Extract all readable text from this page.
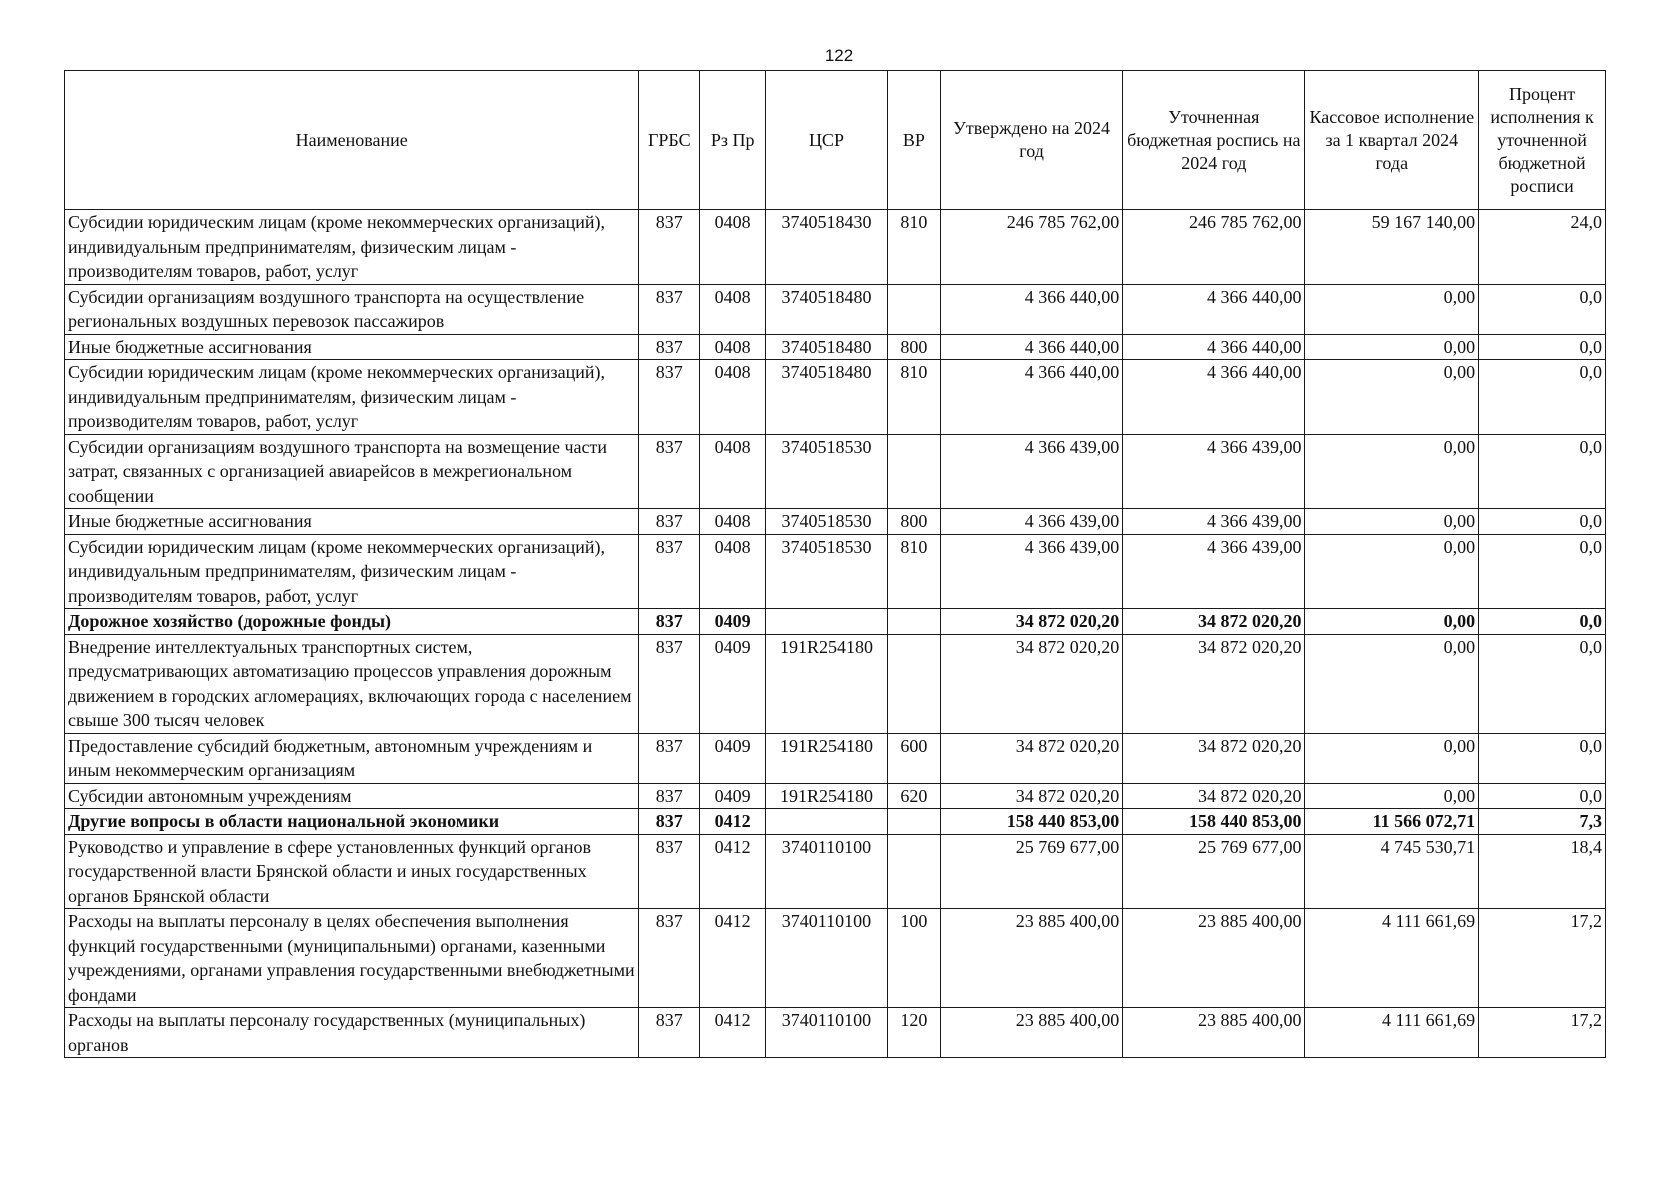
122
Наименование	ГРБС	Рз Пр	ЦСР	ВР	Утверждено на 2024 год	Уточненная бюджетная роспись на 2024 год	Кассовое исполнение за 1 квартал 2024 года	Процент исполнения к уточненной бюджетной росписи
Субсидии юридическим лицам (кроме некоммерческих организаций), индивидуальным предпринимателям, физическим лицам - производителям товаров, работ, услуг	837	0408	3740518430	810	246 785 762,00	246 785 762,00	59 167 140,00	24,0
Субсидии организациям воздушного транспорта на осуществление региональных воздушных перевозок пассажиров	837	0408	3740518480		4 366 440,00	4 366 440,00	0,00	0,0
Иные бюджетные ассигнования	837	0408	3740518480	800	4 366 440,00	4 366 440,00	0,00	0,0
Субсидии юридическим лицам (кроме некоммерческих организаций), индивидуальным предпринимателям, физическим лицам - производителям товаров, работ, услуг	837	0408	3740518480	810	4 366 440,00	4 366 440,00	0,00	0,0
Субсидии организациям воздушного транспорта на возмещение части затрат, связанных с организацией авиарейсов в межрегиональном сообщении	837	0408	3740518530		4 366 439,00	4 366 439,00	0,00	0,0
Иные бюджетные ассигнования	837	0408	3740518530	800	4 366 439,00	4 366 439,00	0,00	0,0
Субсидии юридическим лицам (кроме некоммерческих организаций), индивидуальным предпринимателям, физическим лицам - производителям товаров, работ, услуг	837	0408	3740518530	810	4 366 439,00	4 366 439,00	0,00	0,0
Дорожное хозяйство (дорожные фонды)	837	0409			34 872 020,20	34 872 020,20	0,00	0,0
Внедрение интеллектуальных транспортных систем, предусматривающих автоматизацию процессов управления дорожным движением в городских агломерациях, включающих города с населением свыше 300 тысяч человек	837	0409	191R254180		34 872 020,20	34 872 020,20	0,00	0,0
Предоставление субсидий бюджетным, автономным учреждениям и иным некоммерческим организациям	837	0409	191R254180	600	34 872 020,20	34 872 020,20	0,00	0,0
Субсидии автономным учреждениям	837	0409	191R254180	620	34 872 020,20	34 872 020,20	0,00	0,0
Другие вопросы в области национальной экономики	837	0412			158 440 853,00	158 440 853,00	11 566 072,71	7,3
Руководство и управление в сфере установленных функций органов государственной власти Брянской области и иных государственных органов Брянской области	837	0412	3740110100		25 769 677,00	25 769 677,00	4 745 530,71	18,4
Расходы на выплаты персоналу в целях обеспечения выполнения функций государственными (муниципальными) органами, казенными учреждениями, органами управления государственными внебюджетными фондами	837	0412	3740110100	100	23 885 400,00	23 885 400,00	4 111 661,69	17,2
Расходы на выплаты персоналу государственных (муниципальных) органов	837	0412	3740110100	120	23 885 400,00	23 885 400,00	4 111 661,69	17,2
